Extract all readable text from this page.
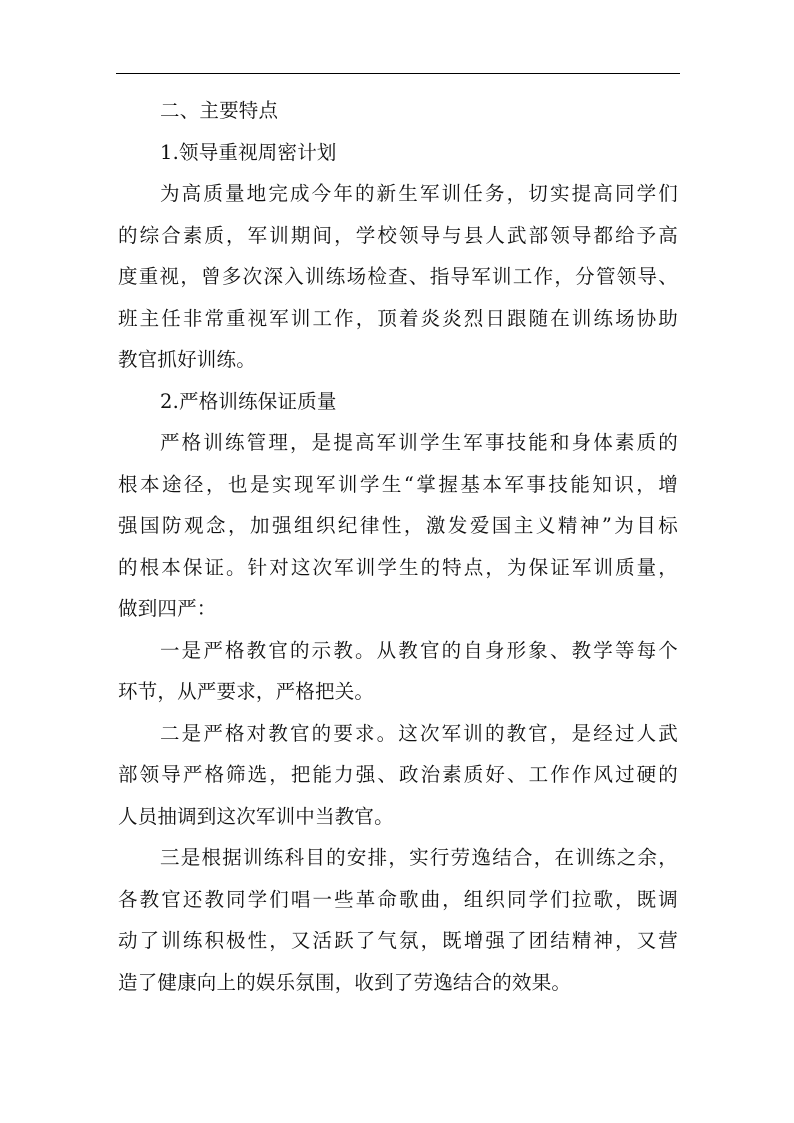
二、主要特点
1.领导重视周密计划
为高质量地完成今年的新生军训任务，切实提高同学们
的综合素质，军训期间，学校领导与县人武部领导都给予高
度重视，曾多次深入训练场检查、指导军训工作，分管领导、
班主任非常重视军训工作，顶着炎炎烈日跟随在训练场协助
教官抓好训练。
2.严格训练保证质量
严格训练管理，是提高军训学生军事技能和身体素质的
根本途径，也是实现军训学生“掌握基本军事技能知识，增
强国防观念，加强组织纪律性，激发爱国主义精神”为目标
的根本保证。针对这次军训学生的特点，为保证军训质量，
做到四严：
一是严格教官的示教。从教官的自身形象、教学等每个
环节，从严要求，严格把关。
二是严格对教官的要求。这次军训的教官，是经过人武
部领导严格筛选，把能力强、政治素质好、工作作风过硬的
人员抽调到这次军训中当教官。
三是根据训练科目的安排，实行劳逸结合，在训练之余，
各教官还教同学们唱一些革命歌曲，组织同学们拉歌，既调
动了训练积极性，又活跃了气氛，既增强了团结精神，又营
造了健康向上的娱乐氛围，收到了劳逸结合的效果。
